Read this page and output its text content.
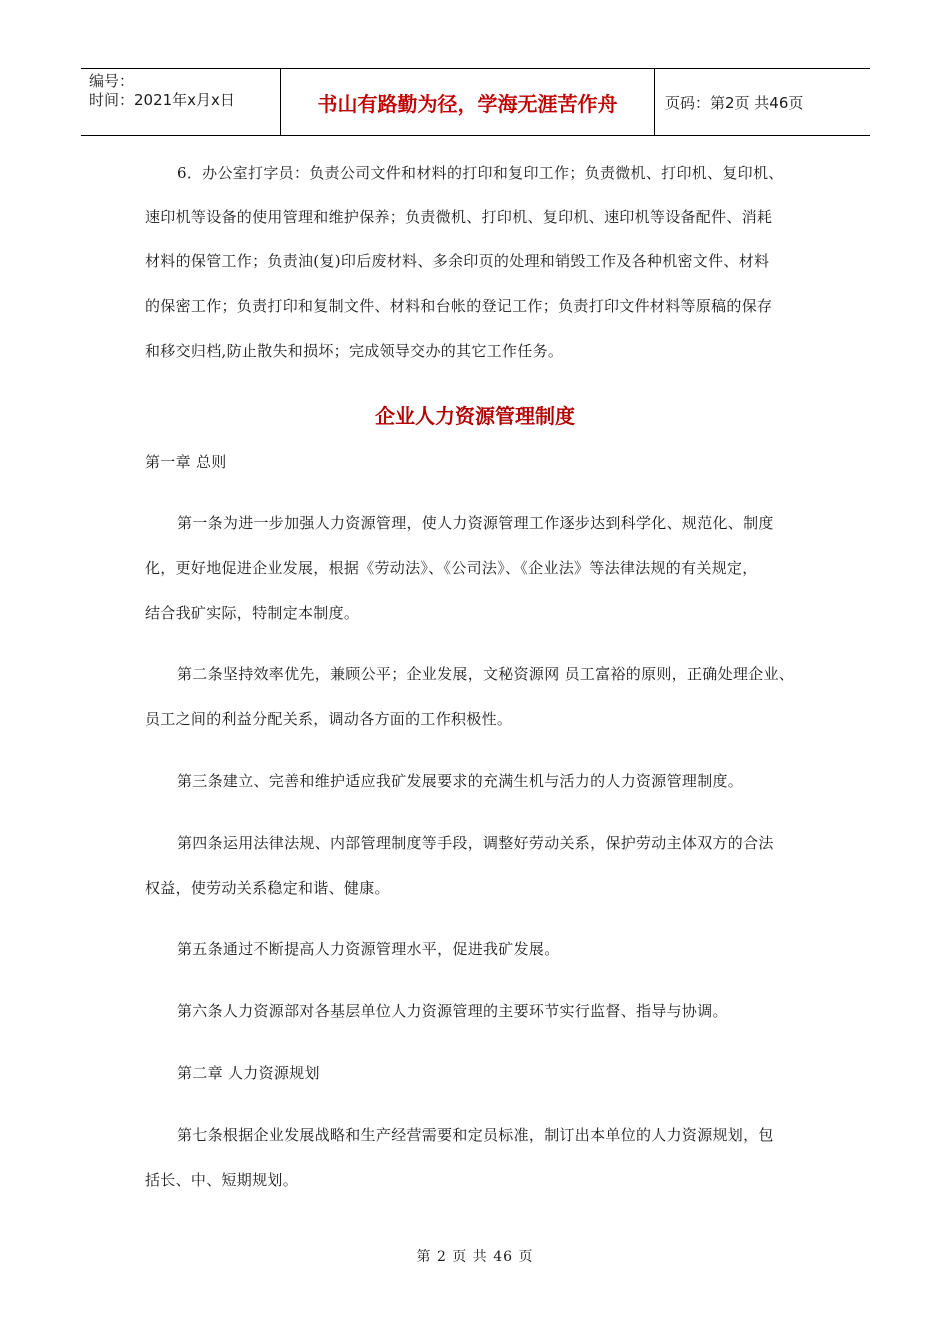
编号：
时间：2021年x月x日	书山有路勤为径，学海无涯苦作舟	页码：第2页 共46页
6．办公室打字员：负责公司文件和材料的打印和复印工作；负责微机、打印机、复印机、
速印机等设备的使用管理和维护保养；负责微机、打印机、复印机、速印机等设备配件、消耗
材料的保管工作；负责油(复)印后废材料、多余印页的处理和销毁工作及各种机密文件、材料
的保密工作；负责打印和复制文件、材料和台帐的登记工作；负责打印文件材料等原稿的保存
和移交归档,防止散失和损坏；完成领导交办的其它工作任务。
企业人力资源管理制度
第一章 总则
第一条为进一步加强人力资源管理，使人力资源管理工作逐步达到科学化、规范化、制度
化，更好地促进企业发展，根据《劳动法》、《公司法》、《企业法》等法律法规的有关规定，
结合我矿实际，特制定本制度。
第二条坚持效率优先，兼顾公平；企业发展，文秘资源网 员工富裕的原则，正确处理企业、
员工之间的利益分配关系，调动各方面的工作积极性。
第三条建立、完善和维护适应我矿发展要求的充满生机与活力的人力资源管理制度。
第四条运用法律法规、内部管理制度等手段，调整好劳动关系，保护劳动主体双方的合法
权益，使劳动关系稳定和谐、健康。
第五条通过不断提高人力资源管理水平，促进我矿发展。
第六条人力资源部对各基层单位人力资源管理的主要环节实行监督、指导与协调。
第二章 人力资源规划
第七条根据企业发展战略和生产经营需要和定员标准，制订出本单位的人力资源规划，包
括长、中、短期规划。
第 2 页 共 46 页
